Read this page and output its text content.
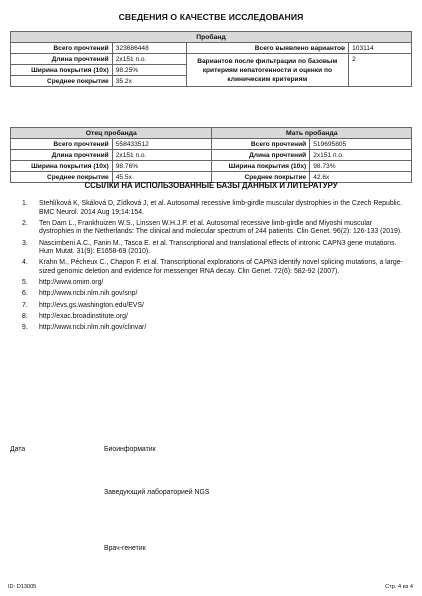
СВЕДЕНИЯ О КАЧЕСТВЕ ИССЛЕДОВАНИЯ
Пробанд			
Всего прочтений	323686448	Всего выявлено вариантов	103114
Длина прочтений	2x151 п.о.	Вариантов после фильтрации по базовым критериям непатогенности и оценки по клиническим критериям	2
Ширина покрытия (10х)	98.25%		
Среднее покрытие	35.2х		
Отец пробанда		Мать пробанда	
Всего прочтений	558433512	Всего прочтений	519695805
Длина прочтений	2x151 п.о.	Длина прочтений	2x151 п.о.
Ширина покрытия (10х)	98.76%	Ширина покрытия (10х)	98.73%
Среднее покрытие	45.5х	Среднее покрытие	42.6х
ССЫЛКИ НА ИСПОЛЬЗОВАННЫЕ БАЗЫ ДАННЫХ И ЛИТЕРАТУРУ
1. Stehlíková K, Skálová D, Zídková J, et al. Autosomal recessive limb-girdle muscular dystrophies in the Czech Republic. BMC Neurol. 2014 Aug 19;14:154.
2. Ten Dam L., Frankhuizen W.S., Linssen W.H.J.P. et al. Autosomal recessive limb-girdle and Miyoshi muscular dystrophies in the Netherlands: The clinical and molecular spectrum of 244 patients. Clin Genet. 96(2): 126-133 (2019).
3. Nascimbeni A.C., Fanin M., Tasca E. et al. Transcriptional and translational effects of intronic CAPN3 gene mutations. Hum Mutat. 31(9): E1658-69 (2010).
4. Krahn M., Pécheux C., Chapon F. et al. Transcriptional explorations of CAPN3 identify novel splicing mutations, a large-sized genomic deletion and evidence for messenger RNA decay. Clin Genet. 72(6): 582-92 (2007).
5. http://www.omim.org/
6. http://www.ncbi.nlm.nih.gov/snp/
7. http://evs.gs.washington.edu/EVS/
8. http://exac.broadinstitute.org/
9. http://www.ncbi.nlm.nih.gov/clinvar/
Дата	Биоинформатик
Заведующий лабораторией NGS
Врач-генетик
ID: D13005	Стр. 4 из 4
